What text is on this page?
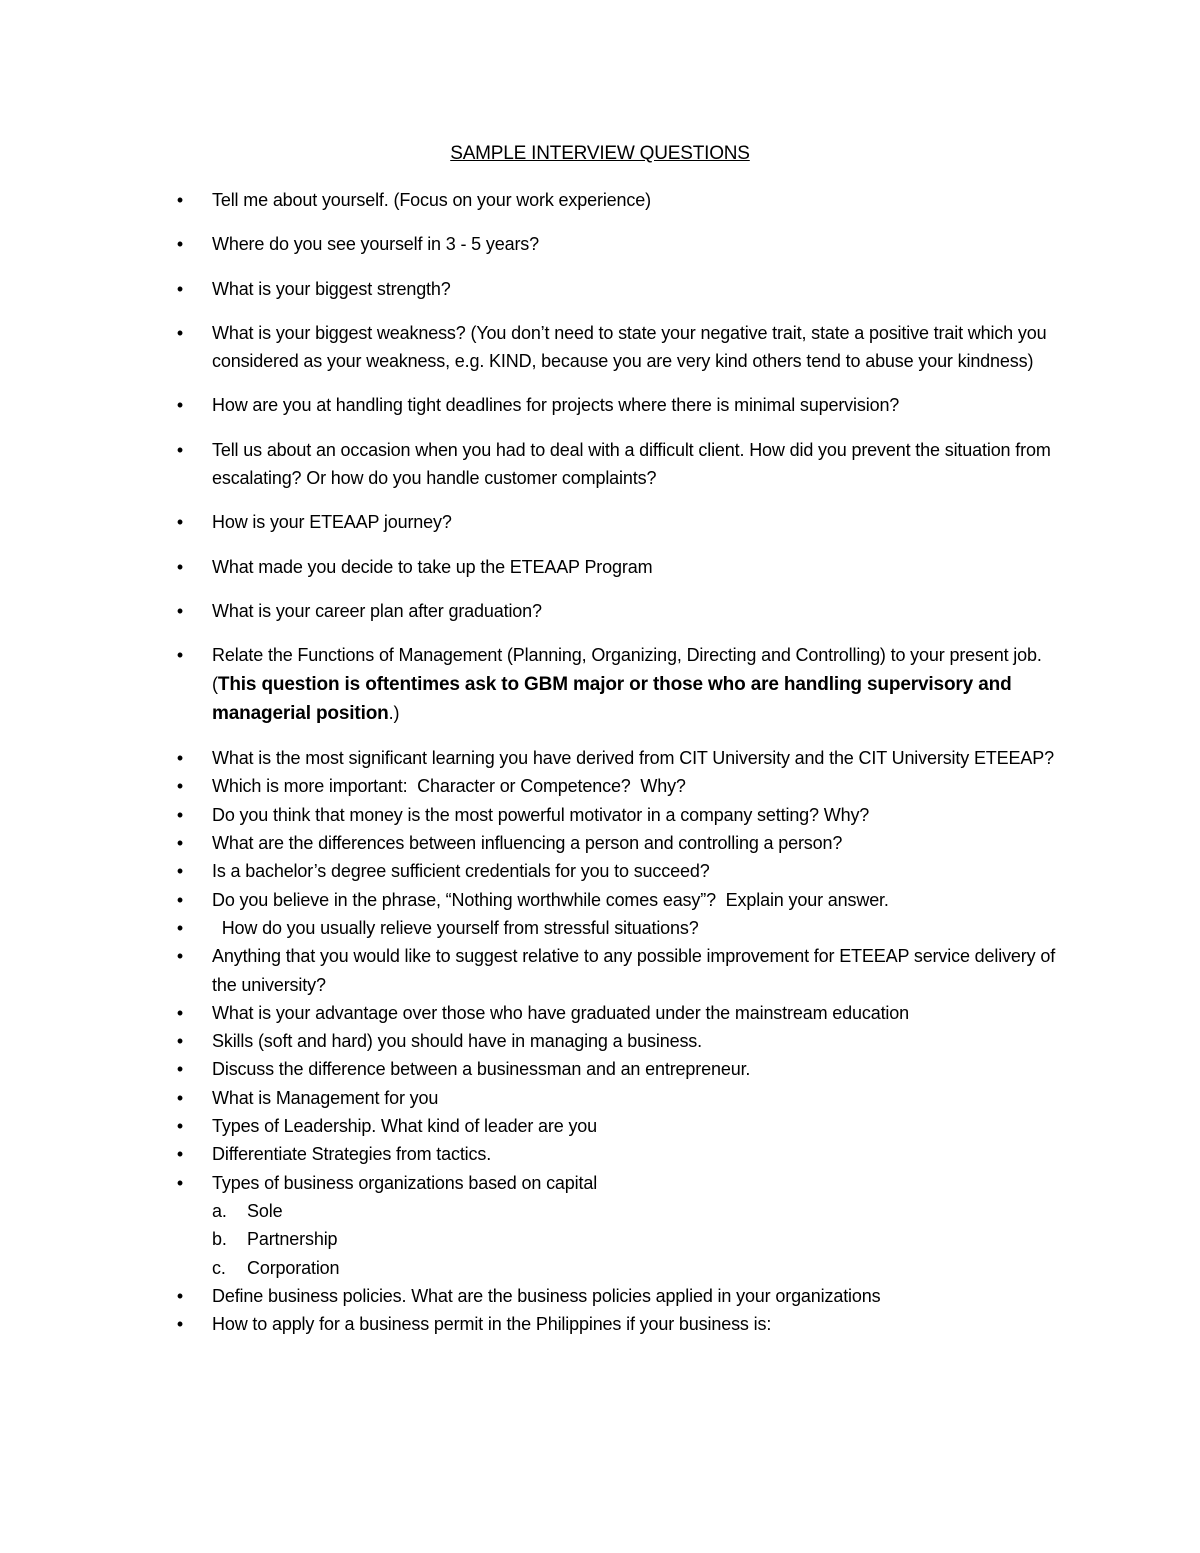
SAMPLE INTERVIEW QUESTIONS
• Tell me about yourself. (Focus on your work experience)
• Where do you see yourself in 3 - 5 years?
• What is your biggest strength?
• What is your biggest weakness? (You don’t need to state your negative trait, state a positive trait which you considered as your weakness, e.g. KIND, because you are very kind others tend to abuse your kindness)
• How are you at handling tight deadlines for projects where there is minimal supervision?
• Tell us about an occasion when you had to deal with a difficult client. How did you prevent the situation from escalating? Or how do you handle customer complaints?
• How is your ETEAAP journey?
• What made you decide to take up the ETEAAP Program
• What is your career plan after graduation?
• Relate the Functions of Management (Planning, Organizing, Directing and Controlling) to your present job. (This question is oftentimes ask to GBM major or those who are handling supervisory and managerial position.)
• What is the most significant learning you have derived from CIT University and the CIT University ETEEAP?
• Which is more important:  Character or Competence?  Why?
• Do you think that money is the most powerful motivator in a company setting? Why?
• What are the differences between influencing a person and controlling a person?
• Is a bachelor’s degree sufficient credentials for you to succeed?
• Do you believe in the phrase, “Nothing worthwhile comes easy”?  Explain your answer.
• How do you usually relieve yourself from stressful situations?
• Anything that you would like to suggest relative to any possible improvement for ETEEAP service delivery of the university?
• What is your advantage over those who have graduated under the mainstream education
• Skills (soft and hard) you should have in managing a business.
• Discuss the difference between a businessman and an entrepreneur.
• What is Management for you
• Types of Leadership. What kind of leader are you
• Differentiate Strategies from tactics.
• Types of business organizations based on capital
a. Sole
b. Partnership
c. Corporation
• Define business policies. What are the business policies applied in your organizations
• How to apply for a business permit in the Philippines if your business is:
